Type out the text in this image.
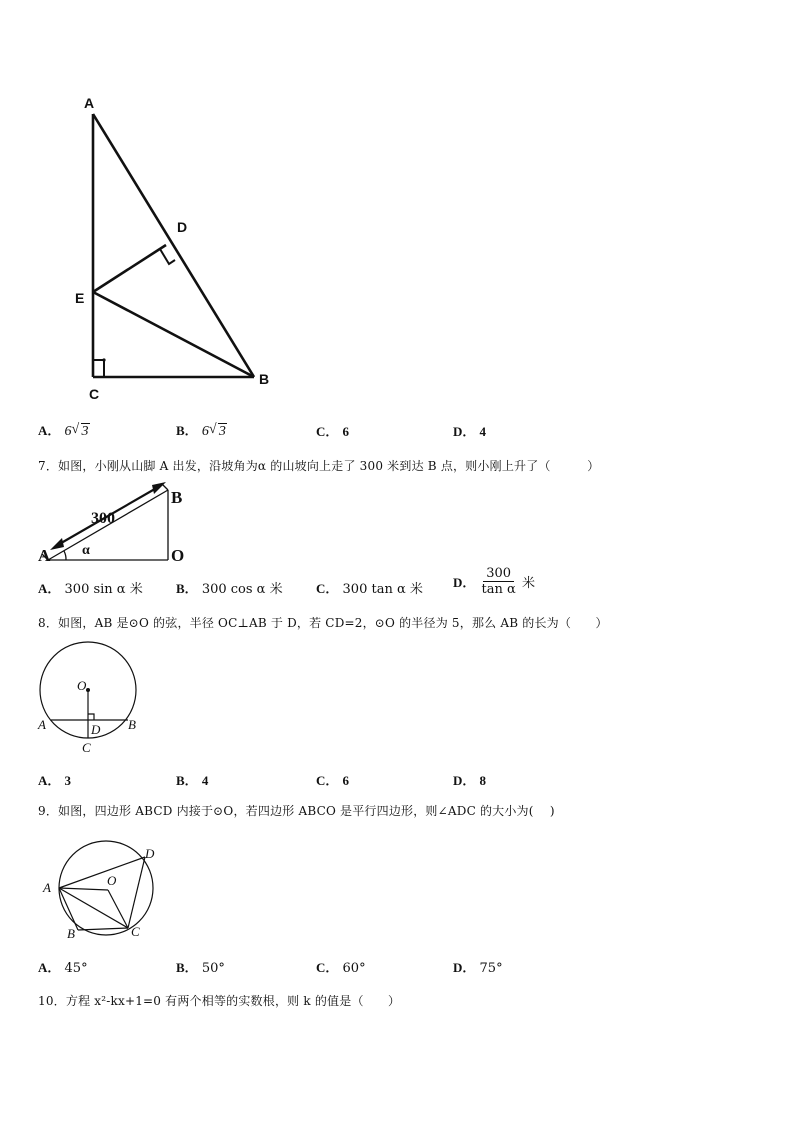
A
D
E
C
B
A． 6 √ 3	B． 6 √ 3	C． 6	D． 4
7．如图，小刚从山脚 A 出发，沿坡角为α 的山坡向上走了 300 米到达 B 点，则小刚上升了（　　　）
300
B
A	O
α
A． 300 sin α 米	B． 300 cos α 米	C． 300 tan α 米 D． $\frac{300}{\text{tan α}}$ 米
8．如图，AB 是⊙O 的弦，半径 OC⊥AB 于 D，若 CD=2，⊙O 的半径为 5，那么 AB 的长为（　　）
O
A	B
D
C
A． 3	B． 4	C． 6	D． 8
9．如图，四边形 ABCD 内接于⊙O，若四边形 ABCO 是平行四边形，则∠ADC 的大小为(　 )
D
O
A
B	C
A． 45°	B． 50°	C． 60°	D． 75°
10．方程 x²-kx+1=0 有两个相等的实数根，则 k 的值是（　　）
